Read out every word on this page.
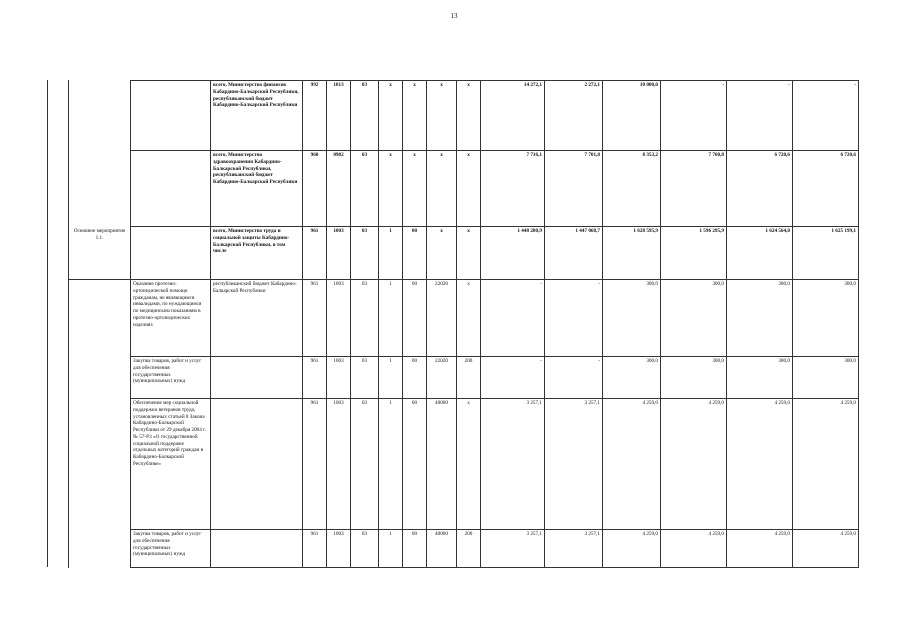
13
		всего, Министерство финансов Кабардино-Балкарской Республики, республиканский бюджет Кабардино-Балкарской Республики	992	1013	03	x	x	x	x	14 272,1	2 272,1	10 000,0	-	-	-
		всего, Министерство здравоохранения Кабардино-Балкарской Республики, республиканский бюджет Кабардино-Балкарской Республики	960	0902	03	x	x	x	x	7 716,1	7 701,8	8 353,2	7 760,8	6 720,6	6 720,6
Основное мероприятие 1.1.		всего, Министерство труда и социальной защиты Кабардино-Балкарской Республики, в том числе	961	1003	03	1	00	x	x	1 448 200,9	1 447 068,7	1 628 595,9	1 596 295,9	1 624 564,8	1 625 199,1
	Оказание протезно-ортопедической помощи гражданам, не являющимся инвалидами, по нуждающимся по медицинским показаниям в протезно-ортопедических изделиях	республиканский бюджет Кабардино-Балкарской Республики	961	1003	03	1	00	22020	x	-	-	300,0	300,0	300,0	300,0
	Закупка товаров, работ и услуг для обеспечения государственных (муниципальных) нужд		961	1003	03	1	00	22020	200	-	-	300,0	300,0	300,0	300,0
	Обеспечение мер социальной поддержки ветеранов труда, установленных статьей 8 Закона Кабардино-Балкарской Республики от 29 декабря 2004 г. № 57-РЗ «О государственной социальной поддержке отдельных категорий граждан в Кабардино-Балкарской Республике»		961	1003	03	1	00	40060	x	3 257,1	3 257,1	4 259,0	4 259,0	4 259,0	4 259,0
	Закупка товаров, работ и услуг для обеспечения государственных (муниципальных) нужд		961	1003	03	1	00	40060	200	3 257,1	3 257,1	4 259,0	4 259,0	4 259,0	4 259,0
